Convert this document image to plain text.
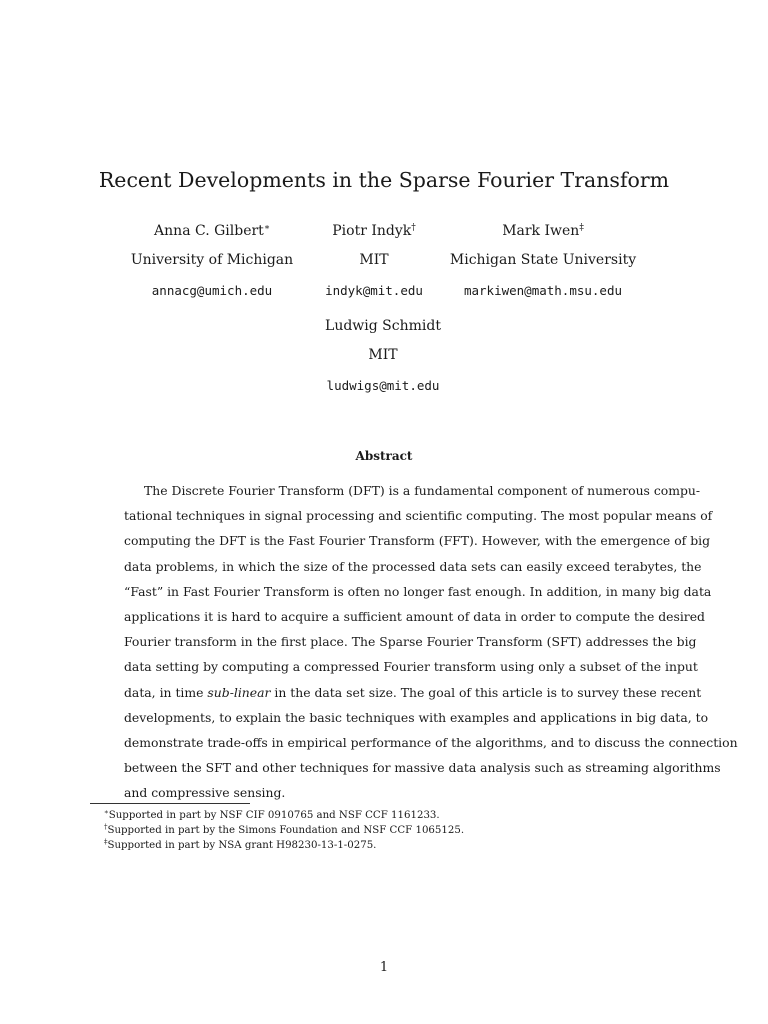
Recent Developments in the Sparse Fourier Transform
Anna C. Gilbert∗
University of Michigan
annacg@umich.edu
Piotr Indyk†
MIT
indyk@mit.edu
Mark Iwen‡
Michigan State University
markiwen@math.msu.edu
Ludwig Schmidt
MIT
ludwigs@mit.edu
Abstract
The Discrete Fourier Transform (DFT) is a fundamental component of numerous compu-
tational techniques in signal processing and scientific computing. The most popular means of
computing the DFT is the Fast Fourier Transform (FFT). However, with the emergence of big
data problems, in which the size of the processed data sets can easily exceed terabytes, the
“Fast” in Fast Fourier Transform is often no longer fast enough. In addition, in many big data
applications it is hard to acquire a sufficient amount of data in order to compute the desired
Fourier transform in the first place. The Sparse Fourier Transform (SFT) addresses the big
data setting by computing a compressed Fourier transform using only a subset of the input
data, in time sub-linear in the data set size. The goal of this article is to survey these recent
developments, to explain the basic techniques with examples and applications in big data, to
demonstrate trade-offs in empirical performance of the algorithms, and to discuss the connection
between the SFT and other techniques for massive data analysis such as streaming algorithms
and compressive sensing.
∗Supported in part by NSF CIF 0910765 and NSF CCF 1161233.
†Supported in part by the Simons Foundation and NSF CCF 1065125.
‡Supported in part by NSA grant H98230-13-1-0275.
1
